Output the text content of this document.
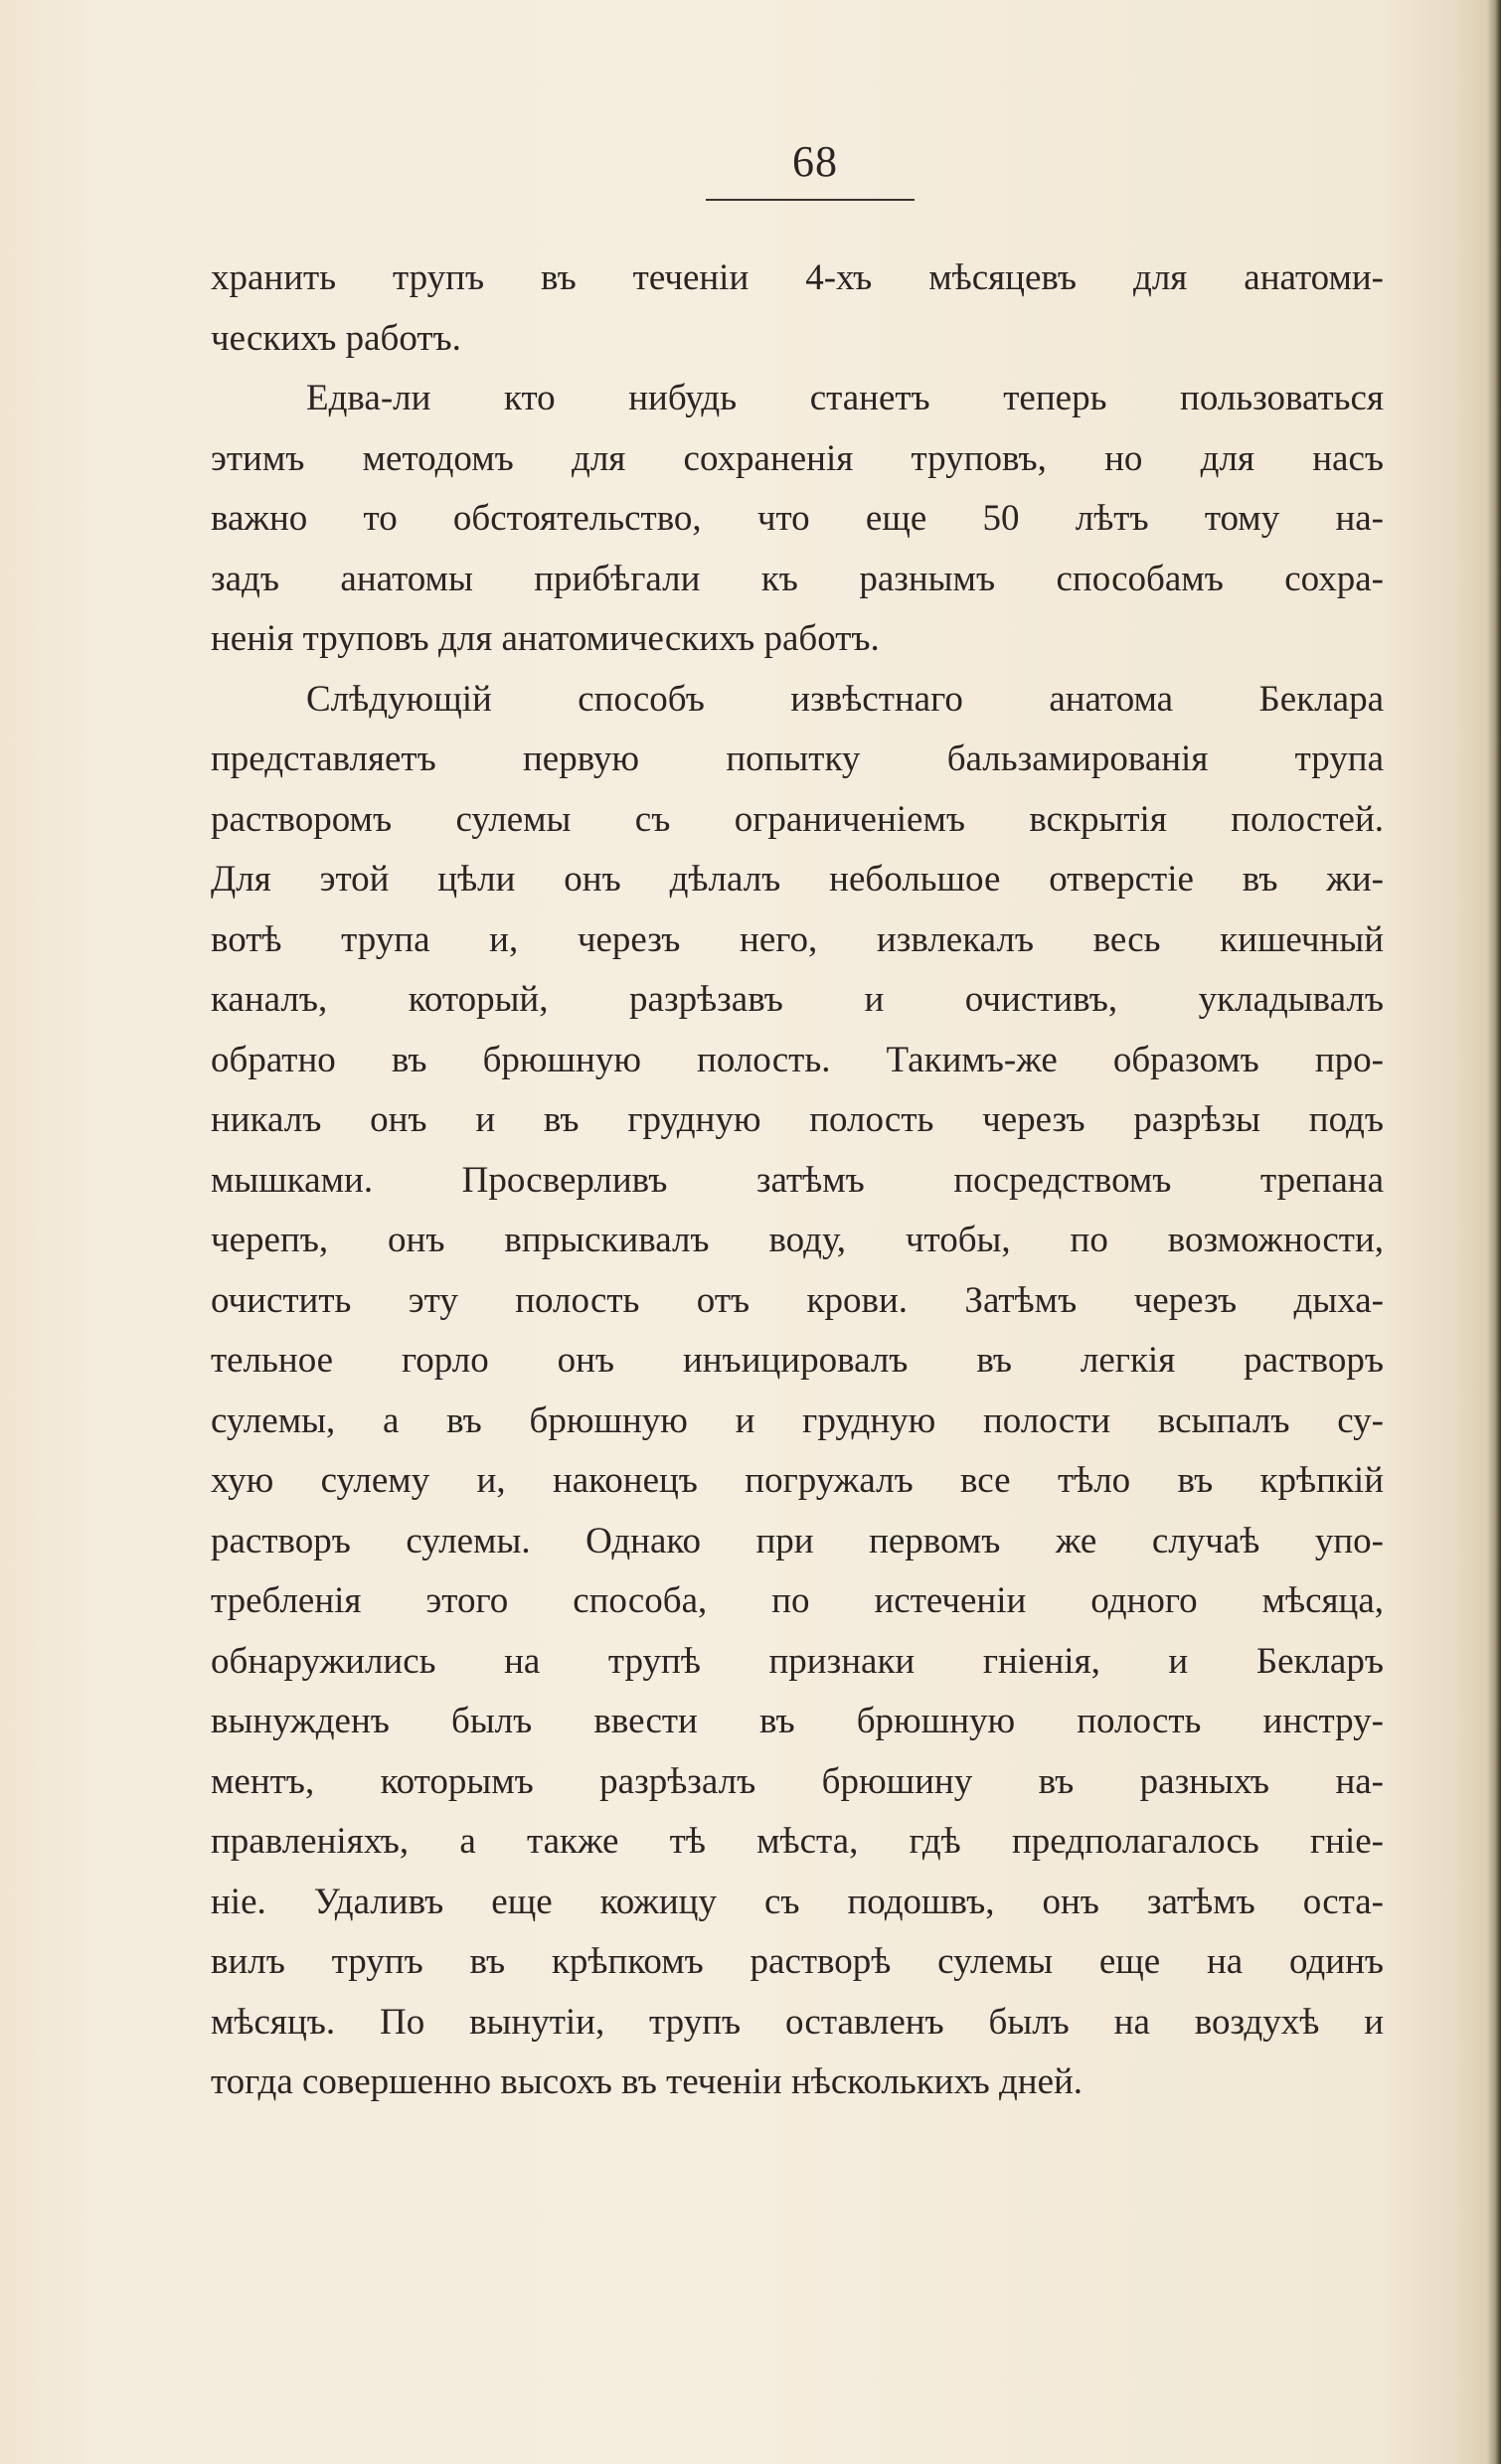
68
хранить трупъ въ теченіи 4-хъ мѣсяцевъ для анатоми-
ческихъ работъ.
Едва-ли кто нибудь станетъ теперь пользоваться
этимъ методомъ для сохраненія труповъ, но для насъ
важно то обстоятельство, что еще 50 лѣтъ тому на-
задъ анатомы прибѣгали къ разнымъ способамъ сохра-
ненія труповъ для анатомическихъ работъ.
Слѣдующій способъ извѣстнаго анатома Беклара
представляетъ первую попытку бальзамированія трупа
растворомъ сулемы съ ограниченіемъ вскрытія полостей.
Для этой цѣли онъ дѣлалъ небольшое отверстіе въ жи-
вотѣ трупа и, черезъ него, извлекалъ весь кишечный
каналъ, который, разрѣзавъ и очистивъ, укладывалъ
обратно въ брюшную полость. Такимъ-же образомъ про-
никалъ онъ и въ грудную полость черезъ разрѣзы подъ
мышками. Просверливъ затѣмъ посредствомъ трепана
черепъ, онъ впрыскивалъ воду, чтобы, по возможности,
очистить эту полость отъ крови. Затѣмъ черезъ дыха-
тельное горло онъ инъицировалъ въ легкія растворъ
сулемы, а въ брюшную и грудную полости всыпалъ су-
хую сулему и, наконецъ погружалъ все тѣло въ крѣпкій
растворъ сулемы. Однако при первомъ же случаѣ упо-
требленія этого способа, по истеченіи одного мѣсяца,
обнаружились на трупѣ признаки гніенія, и Бекларъ
вынужденъ былъ ввести въ брюшную полость инстру-
ментъ, которымъ разрѣзалъ брюшину въ разныхъ на-
правленіяхъ, а также тѣ мѣста, гдѣ предполагалось гніе-
ніе. Удаливъ еще кожицу съ подошвъ, онъ затѣмъ оста-
вилъ трупъ въ крѣпкомъ растворѣ сулемы еще на одинъ
мѣсяцъ. По вынутіи, трупъ оставленъ былъ на воздухѣ и
тогда совершенно высохъ въ теченіи нѣсколькихъ дней.
